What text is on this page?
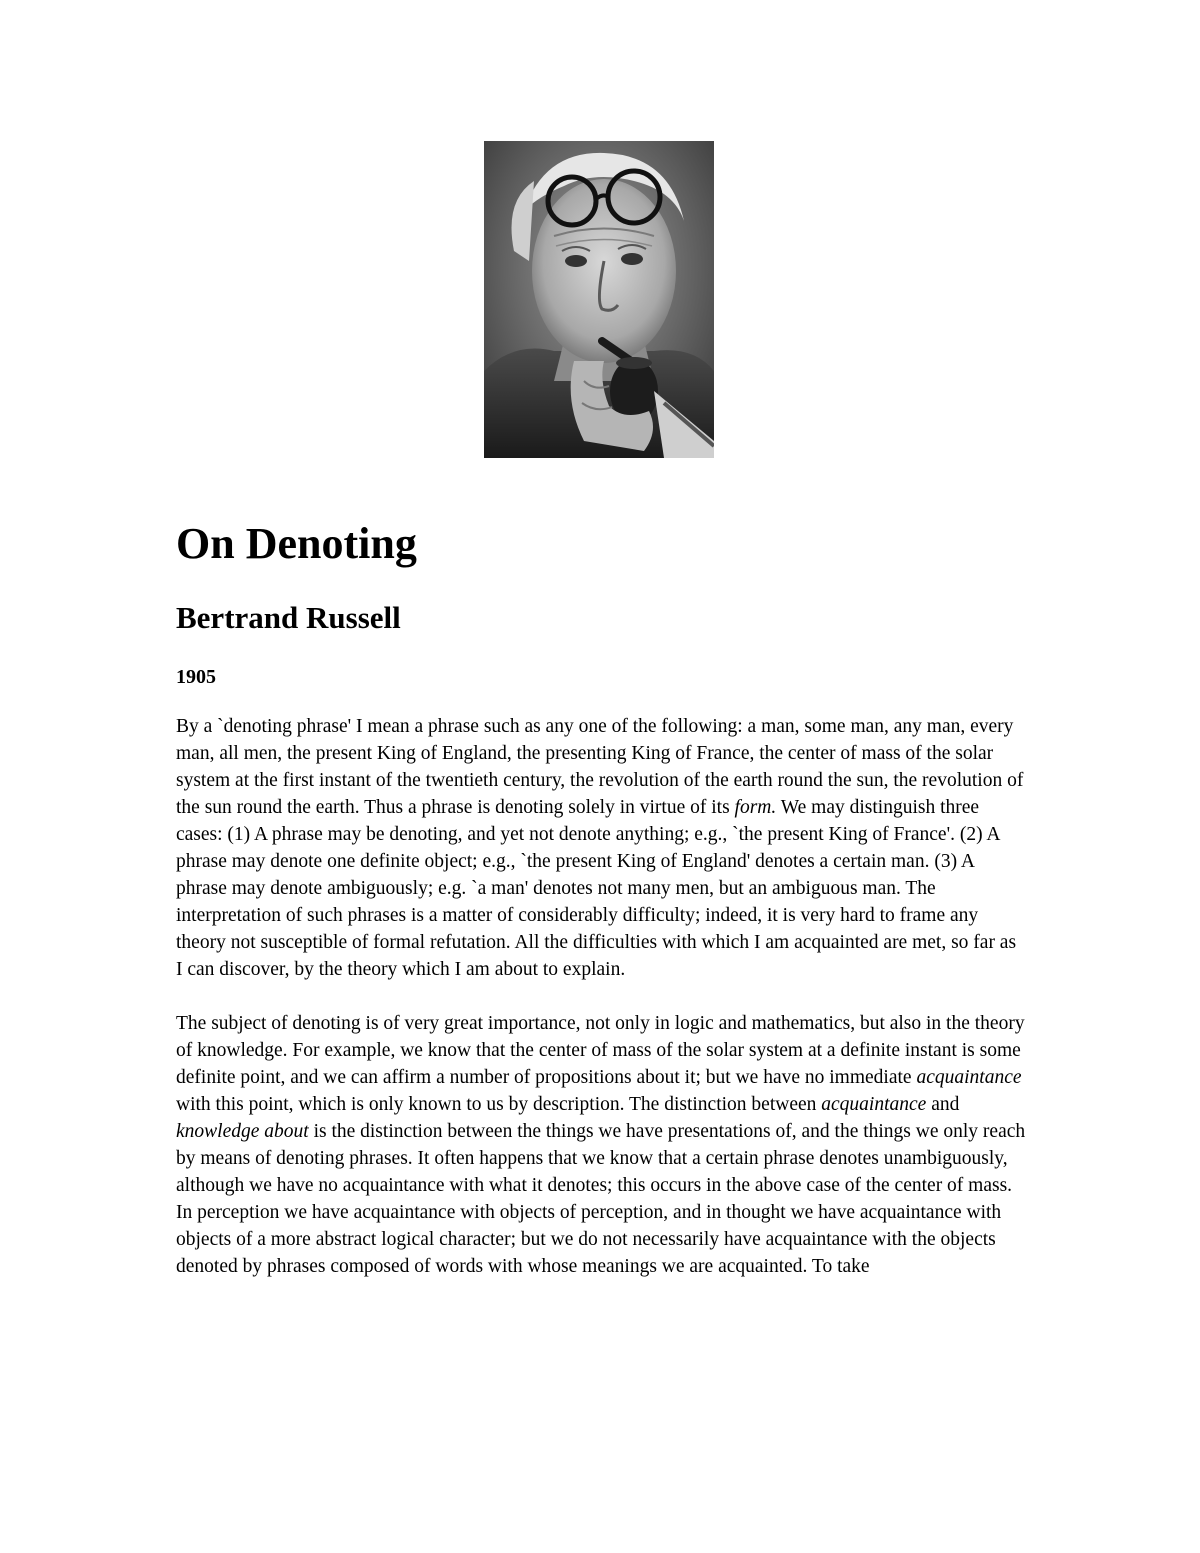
On Denoting
Bertrand Russell
1905

By a `denoting phrase' I mean a phrase such as any one of the following: a man, some man, any man, every man, all men, the present King of England, the presenting King of France, the center of mass of the solar system at the first instant of the twentieth century, the revolution of the earth round the sun, the revolution of the sun round the earth. Thus a phrase is denoting solely in virtue of its form. We may distinguish three cases: (1) A phrase may be denoting, and yet not denote anything; e.g., `the present King of France'. (2) A phrase may denote one definite object; e.g., `the present King of England' denotes a certain man. (3) A phrase may denote ambiguously; e.g. `a man' denotes not many men, but an ambiguous man. The interpretation of such phrases is a matter of considerably difficulty; indeed, it is very hard to frame any theory not susceptible of formal refutation. All the difficulties with which I am acquainted are met, so far as I can discover, by the theory which I am about to explain.

The subject of denoting is of very great importance, not only in logic and mathematics, but also in the theory of knowledge. For example, we know that the center of mass of the solar system at a definite instant is some definite point, and we can affirm a number of propositions about it; but we have no immediate acquaintance with this point, which is only known to us by description. The distinction between acquaintance and knowledge about is the distinction between the things we have presentations of, and the things we only reach by means of denoting phrases. It often happens that we know that a certain phrase denotes unambiguously, although we have no acquaintance with what it denotes; this occurs in the above case of the center of mass. In perception we have acquaintance with objects of perception, and in thought we have acquaintance with objects of a more abstract logical character; but we do not necessarily have acquaintance with the objects denoted by phrases composed of words with whose meanings we are acquainted. To take
